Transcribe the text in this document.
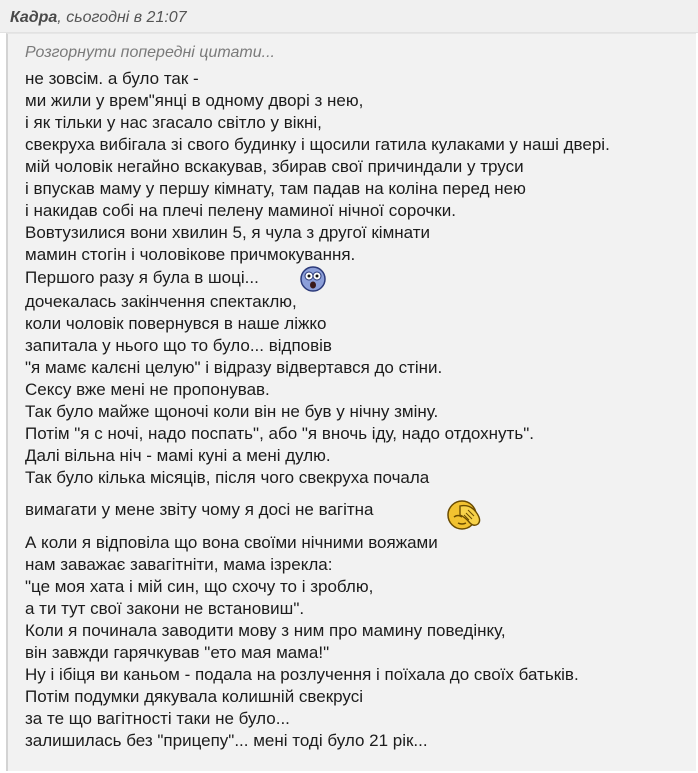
Кадра, сьогодні в 21:07
Розгорнути попередні цитати...
не зовсім. а було так -
ми жили у врем"янці в одному дворі з нею,
і як тільки у нас згасало світло у вікні,
свекруха вибігала зі свого будинку і щосили гатила кулаками у наші двері.
мій чоловік негайно вскакував, збирав свої причиндали у труси
і впускав маму у першу кімнату, там падав на коліна перед нею
і накидав собі на плечі пелену маминої нічної сорочки.
Вовтузилися вони хвилин 5, я чула з другої кімнати
мамин стогін і чоловікове причмокування.
Першого разу я була в шоці...
дочекалась закінчення спектаклю,
коли чоловік повернувся в наше ліжко
запитала у нього що то було... відповів
"я мамє калєні целую" і відразу відвертався до стіни.
Сексу вже мені не пропонував.
Так було майже щоночі коли він не був у нічну зміну.
Потім "я с ночі, надо поспать", або "я вночь іду, надо отдохнуть".
Далі вільна ніч - мамі куні а мені дулю.
Так було кілька місяців, після чого свекруха почала
вимагати у мене звіту чому я досі не вагітна
А коли я відповіла що вона своїми нічними вояжами
нам заважає завагітніти, мама ізрекла:
"це моя хата і мій син, що схочу то і зроблю,
а ти тут свої закони не встановиш".
Коли я починала заводити мову з ним про мамину поведінку,
він завжди гарячкував "ето мая мама!"
Ну і ібіця ви каньом - подала на розлучення і поїхала до своїх батьків.
Потім подумки дякувала колишній свекрусі
за те що вагітності таки не було...
залишилась без "прицепу"... мені тоді було 21 рік...
